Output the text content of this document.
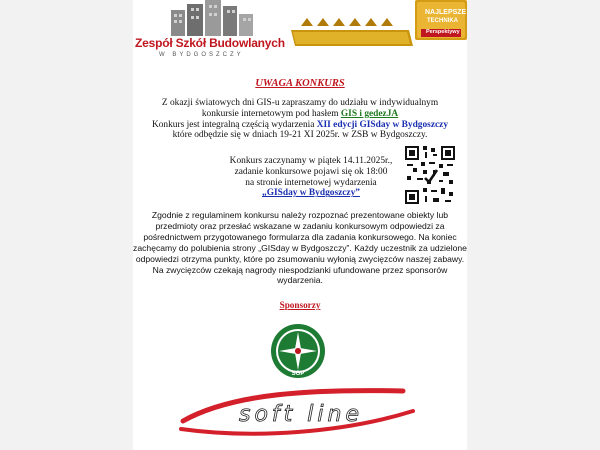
Zespół Szkół Budowlanych
W BYDGOSZCZY
NAJLEPSZE
TECHNIKA
Perspektywy
UWAGA KONKURS
Z okazji światowych dni GIS-u zapraszamy do udziału w indywidualnym
konkursie internetowym pod hasłem GIS i gedezJA
Konkurs jest integralną częścią wydarzenia XII edycji GISday w Bydgoszczy
które odbędzie się w dniach 19-21 XI 2025r. w ZSB w Bydgoszczy.
Konkurs zaczynamy w piątek 14.11.2025r.,
zadanie konkursowe pojawi się ok 18:00
na stronie internetowej wydarzenia
„GISday w Bydgoszczy”
Zgodnie z regulaminem konkursu należy rozpoznać prezentowane obiekty lub przedmioty oraz przesłać wskazane w zadaniu konkursowym odpowiedzi za pośrednictwem przygotowanego formularza dla zadania konkursowego. Na koniec zachęcamy do polubienia strony „GISday w Bydgoszczy”. Każdy uczestnik za udzielone odpowiedzi otrzyma punkty, które po zsumowaniu wyłonią zwycięzców naszej zabawy. Na zwycięzców czekają nagrody niespodzianki ufundowane przez sponsorów wydarzenia.
Sponsorzy
SGP
soft line
